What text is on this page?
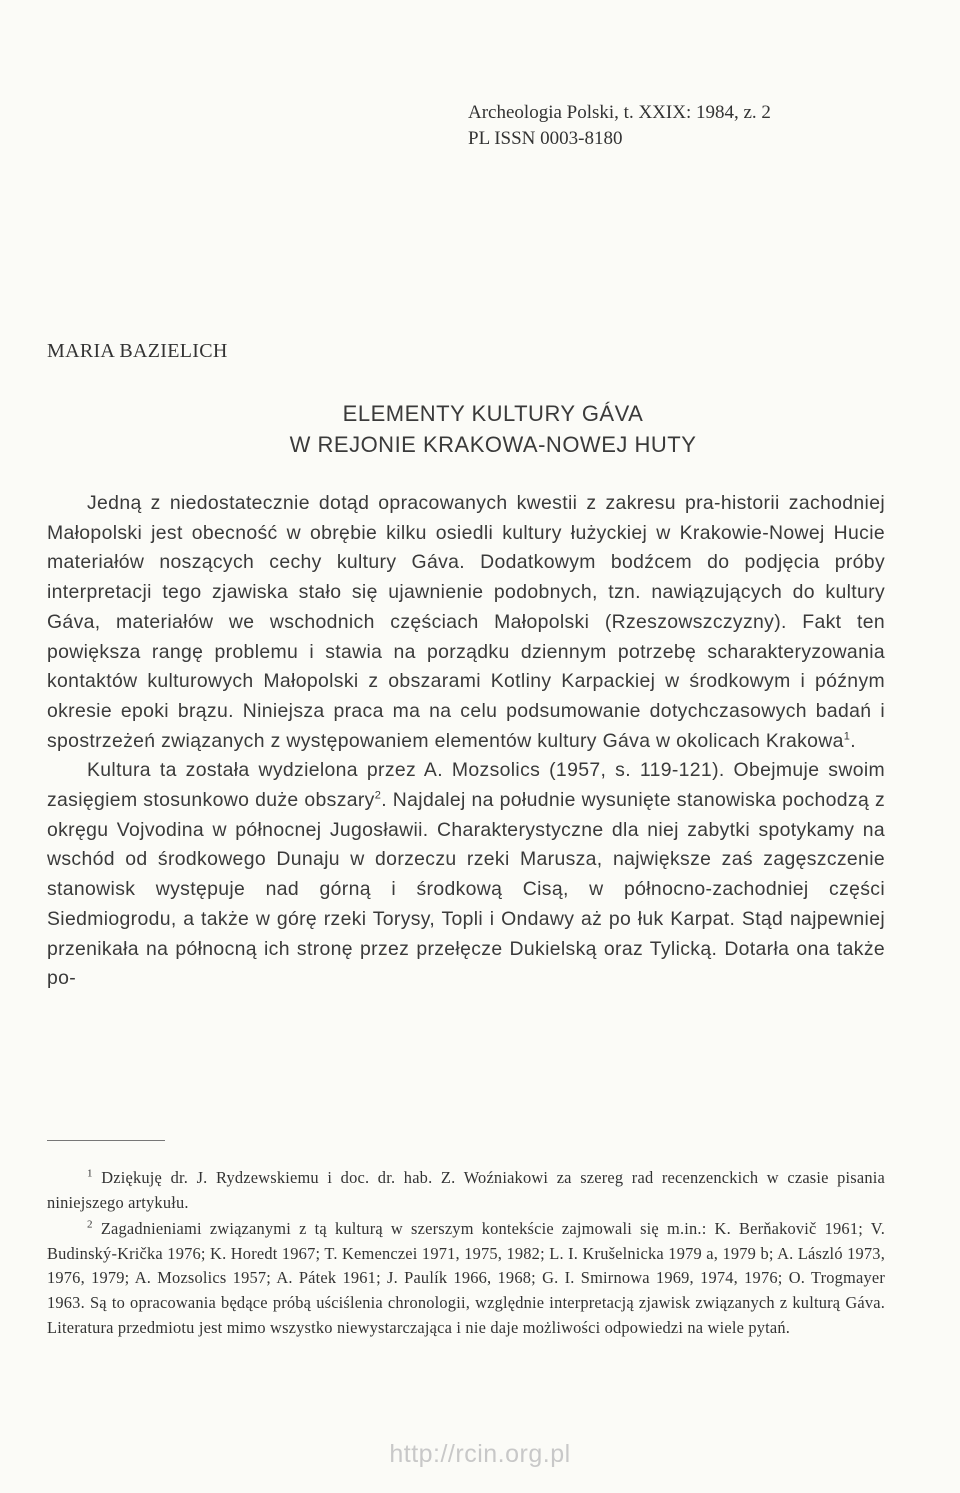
Archeologia Polski, t. XXIX: 1984, z. 2
PL ISSN 0003-8180
MARIA BAZIELICH
ELEMENTY KULTURY GÁVA
W REJONIE KRAKOWA-NOWEJ HUTY

Jedną z niedostatecznie dotąd opracowanych kwestii z zakresu pra-historii zachodniej Małopolski jest obecność w obrębie kilku osiedli kultury łużyckiej w Krakowie-Nowej Hucie materiałów noszących cechy kultury Gáva. Dodatkowym bodźcem do podjęcia próby interpretacji tego zjawiska stało się ujawnienie podobnych, tzn. nawiązujących do kultury Gáva, materiałów we wschodnich częściach Małopolski (Rzeszowszczyzny). Fakt ten powiększa rangę problemu i stawia na porządku dziennym potrzebę scharakteryzowania kontaktów kulturowych Małopolski z obszarami Kotliny Karpackiej w środkowym i późnym okresie epoki brązu. Niniejsza praca ma na celu podsumowanie dotychczasowych badań i spostrzeżeń związanych z występowaniem elementów kultury Gáva w okolicach Krakowa$^1$.

Kultura ta została wydzielona przez A. Mozsolics (1957, s. 119-121). Obejmuje swoim zasięgiem stosunkowo duże obszary$^2$. Najdalej na południe wysunięte stanowiska pochodzą z okręgu Vojvodina w północnej Jugosławii. Charakterystyczne dla niej zabytki spotykamy na wschód od środkowego Dunaju w dorzeczu rzeki Marusza, największe zaś zagęszczenie stanowisk występuje nad górną i środkową Cisą, w północno-zachodniej części Siedmiogrodu, a także w górę rzeki Torysy, Topli i Ondawy aż po łuk Karpat. Stąd najpewniej przenikała na północną ich stronę przez przełęcze Dukielską oraz Tylicką. Dotarła ona także po-

$^1$ Dziękuję dr. J. Rydzewskiemu i doc. dr. hab. Z. Woźniakowi za szereg rad recenzenckich w czasie pisania niniejszego artykułu.

$^2$ Zagadnieniami związanymi z tą kulturą w szerszym kontekście zajmowali się m.in.: K. Berňakovič 1961; V. Budinský-Krička 1976; K. Horedt 1967; T. Kemenczei 1971, 1975, 1982; L. I. Krušelnicka 1979 a, 1979 b; A. László 1973, 1976, 1979; A. Mozsolics 1957; A. Pátek 1961; J. Paulík 1966, 1968; G. I. Smirnowa 1969, 1974, 1976; O. Trogmayer 1963. Są to opracowania będące próbą uściślenia chronologii, względnie interpretacją zjawisk związanych z kulturą Gáva. Literatura przedmiotu jest mimo wszystko niewystarczająca i nie daje możliwości odpowiedzi na wiele pytań.

http://rcin.org.pl
